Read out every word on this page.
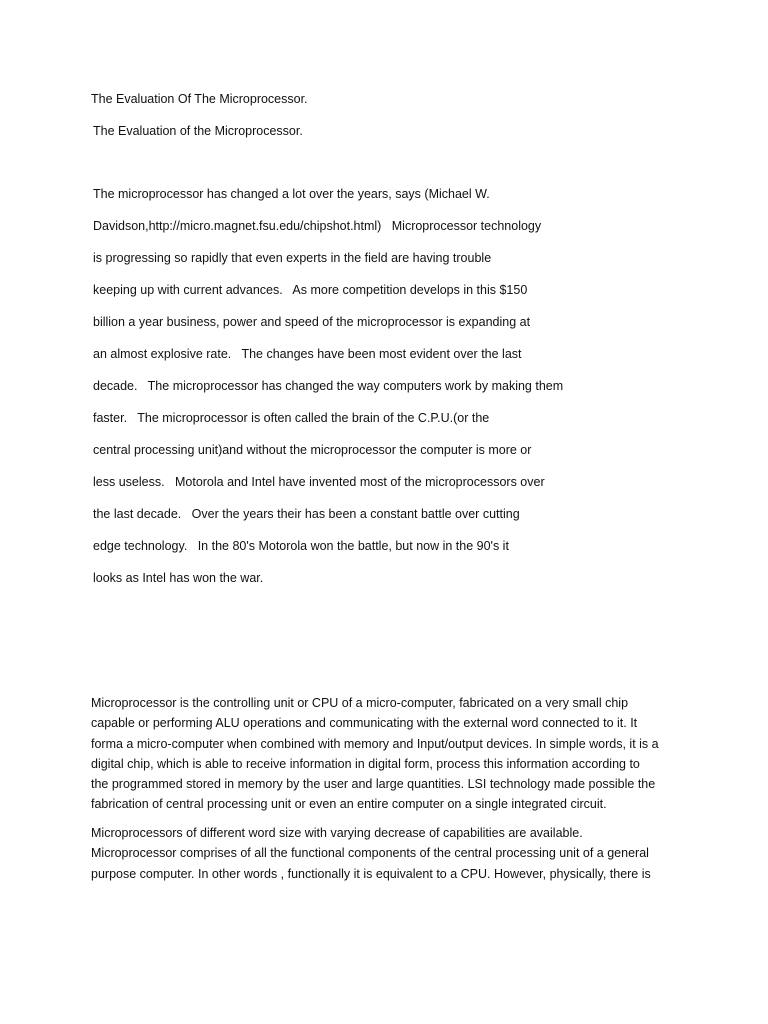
The Evaluation Of The Microprocessor.
The Evaluation of the Microprocessor.
The microprocessor has changed a lot over the years, says (Michael W.
Davidson,http://micro.magnet.fsu.edu/chipshot.html)   Microprocessor technology
is progressing so rapidly that even experts in the field are having trouble
keeping up with current advances.   As more competition develops in this $150
billion a year business, power and speed of the microprocessor is expanding at
an almost explosive rate.   The changes have been most evident over the last
decade.   The microprocessor has changed the way computers work by making them
faster.   The microprocessor is often called the brain of the C.P.U.(or the
central processing unit)and without the microprocessor the computer is more or
less useless.   Motorola and Intel have invented most of the microprocessors over
the last decade.   Over the years their has been a constant battle over cutting
edge technology.   In the 80's Motorola won the battle, but now in the 90's it
looks as Intel has won the war.
Microprocessor is the controlling unit or CPU of a micro-computer, fabricated on a very small chip
capable or performing ALU operations and communicating with the external word connected to it. It
forma a micro-computer when combined with memory and Input/output devices. In simple words, it is a
digital chip, which is able to receive information in digital form, process this information according to
the programmed stored in memory by the user and large quantities. LSI technology made possible the
fabrication of central processing unit or even an entire computer on a single integrated circuit.
Microprocessors of different word size with varying decrease of capabilities are available.
Microprocessor comprises of all the functional components of the central processing unit of a general
purpose computer. In other words , functionally it is equivalent to a CPU. However, physically, there is
